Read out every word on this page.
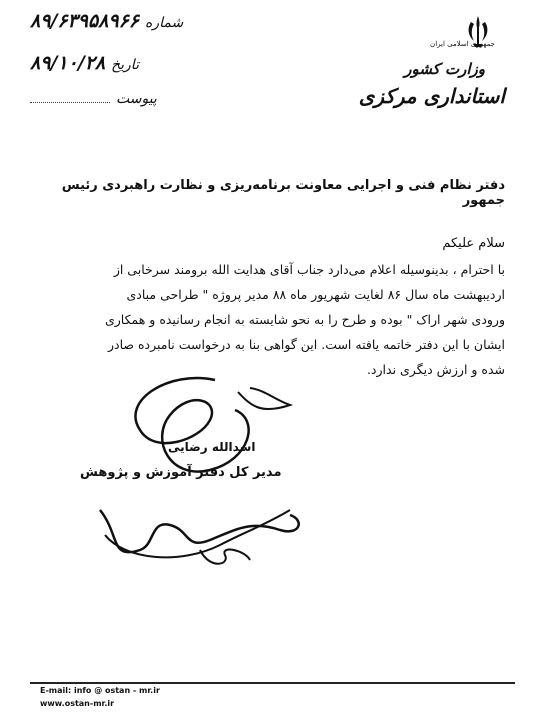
شماره۸۹/۶۳۹۵۸۹۶۶
تاریخ۸۹/۱۰/۲۸
پیوست
جمهوری اسلامی ایران
وزارت کشور
استانداری مرکزی
دفتر نظام فنی و اجرایی معاونت برنامه‌ریزی و نظارت راهبردی رئیس جمهور
سلام علیکم
با احترام ، بدینوسیله اعلام می‌دارد جناب آقای هدایت الله برومند سرخابی از
اردیبهشت ماه سال ۸۶ لغایت شهریور ماه ۸۸ مدیر پروژه " طراحی مبادی
ورودی شهر اراک " بوده و طرح را به نحو شایسته به انجام رسانیده و همکاری
ایشان با این دفتر خاتمه یافته است. این گواهی بنا به درخواست نامبرده صادر
شده و ارزش دیگری ندارد.
اسدالله رضایی
مدیر کل دفتر آموزش و پژوهش
E-mail: info @ ostan - mr.ir
www.ostan-mr.ir
